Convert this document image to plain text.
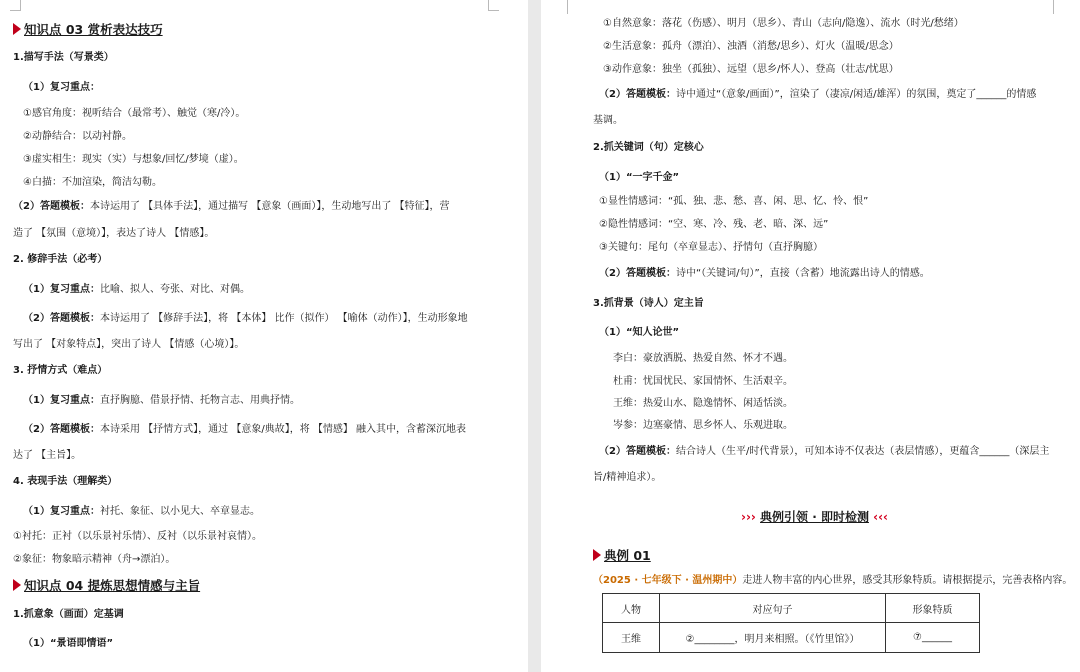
知识点 03 赏析表达技巧
1.描写手法（写景类）
（1）复习重点：
①感官角度：视听结合（最常考）、触觉（寒/冷）。
②动静结合：以动衬静。
③虚实相生：现实（实）与想象/回忆/梦境（虚）。
④白描：不加渲染，简洁勾勒。
（2）答题模板：本诗运用了 【具体手法】，通过描写 【意象（画面）】，生动地写出了 【特征】，营
造了 【氛围（意境）】，表达了诗人 【情感】。
2. 修辞手法（必考）
（1）复习重点：比喻、拟人、夸张、对比、对偶。
（2）答题模板：本诗运用了 【修辞手法】，将 【本体】 比作（拟作） 【喻体（动作）】，生动形象地
写出了 【对象特点】，突出了诗人 【情感（心境）】。
3. 抒情方式（难点）
（1）复习重点：直抒胸臆、借景抒情、托物言志、用典抒情。
（2）答题模板：本诗采用 【抒情方式】，通过 【意象/典故】，将 【情感】 融入其中，含蓄深沉地表
达了 【主旨】。
4. 表现手法（理解类）
（1）复习重点：衬托、象征、以小见大、卒章显志。
①衬托：正衬（以乐景衬乐情）、反衬（以乐景衬哀情）。
②象征：物象暗示精神（舟→漂泊）。
知识点 04 提炼思想情感与主旨
1.抓意象（画面）定基调
（1）“景语即情语”
①自然意象：落花（伤感）、明月（思乡）、青山（志向/隐逸）、流水（时光/愁绪）
②生活意象：孤舟（漂泊）、浊酒（消愁/思乡）、灯火（温暖/思念）
③动作意象：独坐（孤独）、远望（思乡/怀人）、登高（壮志/忧思）
（2）答题模板：诗中通过“（意象/画面）”，渲染了（凄凉/闲适/雄浑）的氛围，奠定了______的情感
基调。
2.抓关键词（句）定核心
（1）“一字千金”
①显性情感词：“孤、独、悲、愁、喜、闲、思、忆、怜、恨”
②隐性情感词：“空、寒、冷、残、老、暗、深、远”
③关键句：尾句（卒章显志）、抒情句（直抒胸臆）
（2）答题模板：诗中“（关键词/句）”，直接（含蓄）地流露出诗人的情感。
3.抓背景（诗人）定主旨
（1）“知人论世”
李白：豪放洒脱、热爱自然、怀才不遇。
杜甫：忧国忧民、家国情怀、生活艰辛。
王维：热爱山水、隐逸情怀、闲适恬淡。
岑参：边塞豪情、思乡怀人、乐观进取。
（2）答题模板：结合诗人（生平/时代背景），可知本诗不仅表达（表层情感），更蕴含______（深层主
旨/精神追求）。
››› 典例引领 · 即时检测 ‹‹‹
典例 01
（2025 · 七年级下 · 温州期中）走进人物丰富的内心世界，感受其形象特质。请根据提示，完善表格内容。
人物	对应句子	形象特质
王维	②________，明月来相照。（《竹里馆》）	⑦______
